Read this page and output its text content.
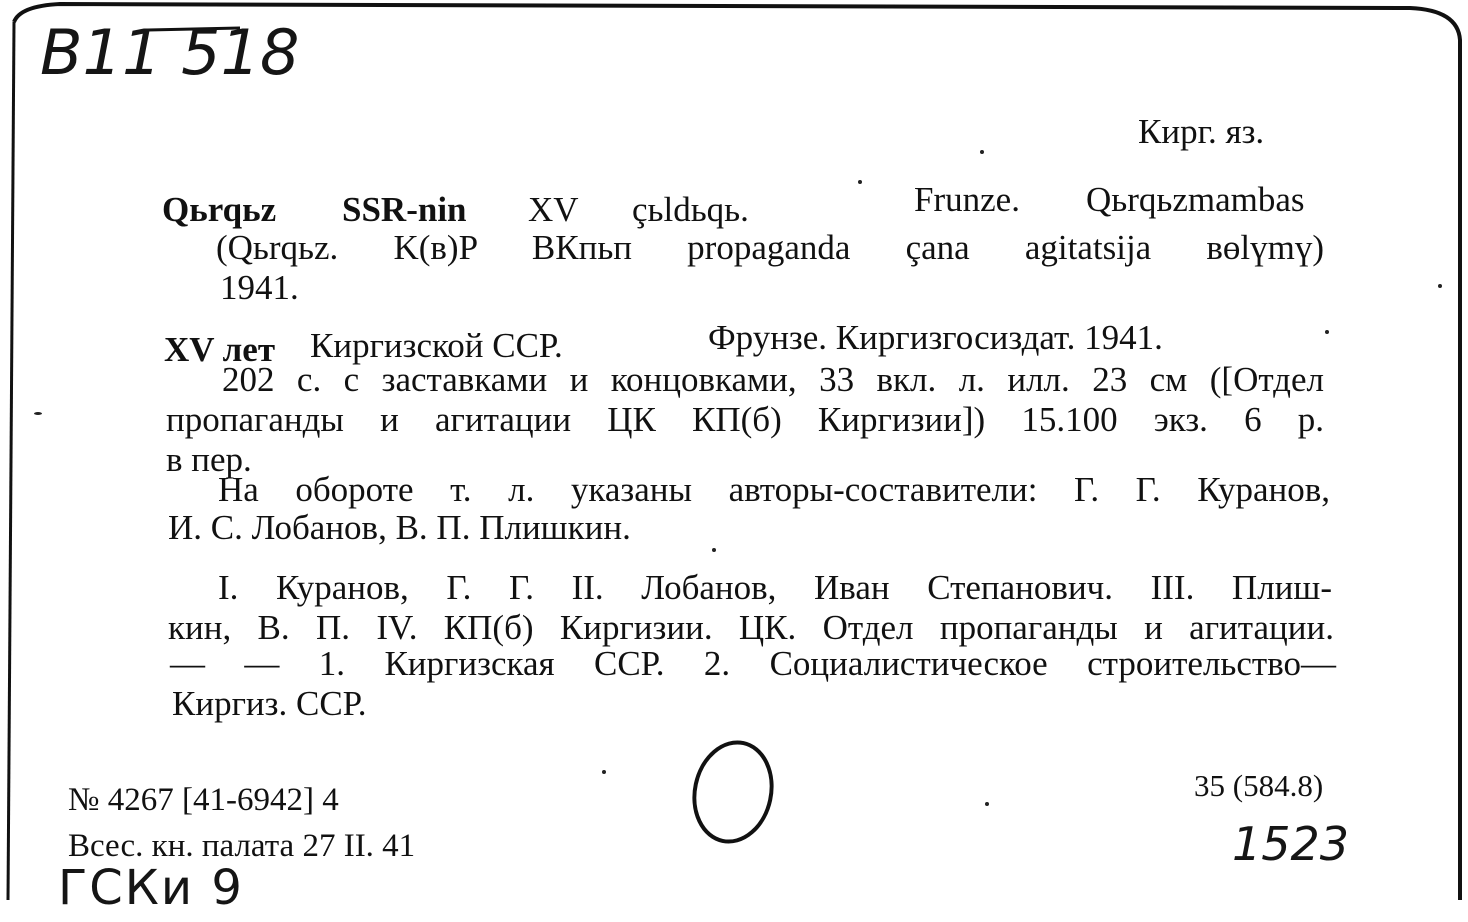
B11 518
1523
ГСКи 9
Кирг. яз.
Qьrqьz SSR-nin XV çьldьqь.	Frunze. Qьrqьzmambas
(Qьrqьz. K(в)P ВКпьп propaganda çana agitatsija вөlүmү)
1941.
XV лет Киргизской ССР.	Фрунзе. Киргизгосиздат. 1941.
202 с. с заставками и концовками, 33 вкл. л. илл. 23 см ([Отдел
пропаганды и агитации ЦК КП(б) Киргизии]) 15.100 экз. 6 р.
в пер.
На обороте т. л. указаны авторы-составители: Г. Г. Куранов,
И. С. Лобанов, В. П. Плишкин.
I. Куранов, Г. Г. II. Лобанов, Иван Степанович. III. Плиш-
кин, В. П. IV. КП(б) Киргизии. ЦК. Отдел пропаганды и агитации.
— — 1. Киргизская ССР. 2. Социалистическое строительство—
Киргиз. ССР.
№ 4267 [41-6942] 4
Всес. кн. палата 27 II. 41
35 (584.8)
